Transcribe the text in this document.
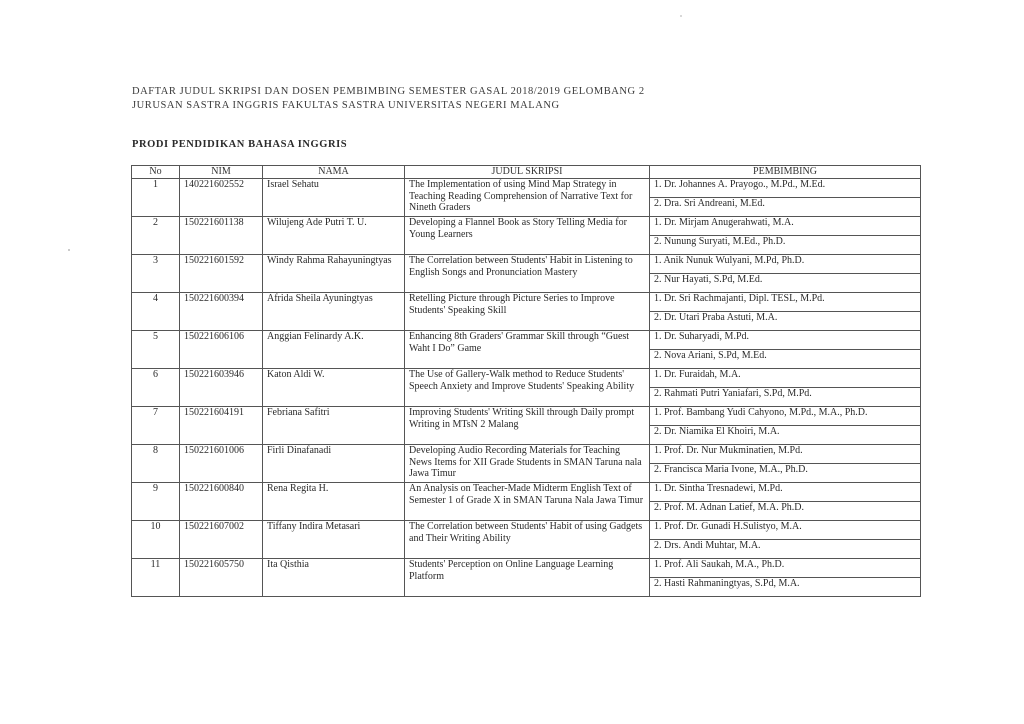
DAFTAR JUDUL SKRIPSI DAN DOSEN PEMBIMBING SEMESTER GASAL 2018/2019 GELOMBANG 2
JURUSAN SASTRA INGGRIS FAKULTAS SASTRA UNIVERSITAS NEGERI MALANG
PRODI PENDIDIKAN BAHASA INGGRIS
No	NIM	NAMA	JUDUL SKRIPSI	PEMBIMBING
1	140221602552	Israel Sehatu	The Implementation of using Mind Map Strategy in Teaching Reading Comprehension of Narrative Text for Nineth Graders	1. Dr. Johannes A. Prayogo., M.Pd., M.Ed.
				2. Dra. Sri Andreani, M.Ed.
2	150221601138	Wilujeng Ade Putri T. U.	Developing a Flannel Book as Story Telling Media for Young Learners	1. Dr. Mirjam Anugerahwati, M.A.
				2. Nunung Suryati, M.Ed., Ph.D.
3	150221601592	Windy Rahma Rahayuningtyas	The Correlation between Students' Habit in Listening to English Songs and Pronunciation Mastery	1. Anik Nunuk Wulyani, M.Pd, Ph.D.
				2. Nur Hayati, S.Pd, M.Ed.
4	150221600394	Afrida Sheila Ayuningtyas	Retelling Picture through Picture Series to Improve Students' Speaking Skill	1. Dr. Sri Rachmajanti, Dipl. TESL, M.Pd.
				2. Dr. Utari Praba Astuti, M.A.
5	150221606106	Anggian Felinardy A.K.	Enhancing 8th Graders' Grammar Skill through “Guest Waht I Do” Game	1. Dr. Suharyadi, M.Pd.
				2. Nova Ariani, S.Pd, M.Ed.
6	150221603946	Katon Aldi W.	The Use of Gallery-Walk method to Reduce Students' Speech Anxiety and Improve Students' Speaking Ability	1. Dr. Furaidah, M.A.
				2. Rahmati Putri Yaniafari, S.Pd, M.Pd.
7	150221604191	Febriana Safitri	Improving Students' Writing Skill through Daily prompt Writing in MTsN 2 Malang	1. Prof. Bambang Yudi Cahyono, M.Pd., M.A., Ph.D.
				2. Dr. Niamika El Khoiri, M.A.
8	150221601006	Firli Dinafanadi	Developing Audio Recording Materials for Teaching News Items for XII Grade Students in SMAN Taruna nala Jawa Timur	1. Prof. Dr. Nur Mukminatien, M.Pd.
				2. Francisca Maria Ivone, M.A., Ph.D.
9	150221600840	Rena Regita H.	An Analysis on Teacher-Made Midterm English Text of Semester 1 of Grade X in SMAN Taruna Nala Jawa Timur	1. Dr. Sintha Tresnadewi, M.Pd.
				2. Prof. M. Adnan Latief, M.A. Ph.D.
10	150221607002	Tiffany Indira Metasari	The Correlation between Students' Habit of using Gadgets and Their Writing Ability	1. Prof. Dr. Gunadi H.Sulistyo, M.A.
				2. Drs. Andi Muhtar, M.A.
11	150221605750	Ita Qisthia	Students' Perception on Online Language Learning Platform	1. Prof. Ali Saukah, M.A., Ph.D.
				2. Hasti Rahmaningtyas, S.Pd, M.A.
